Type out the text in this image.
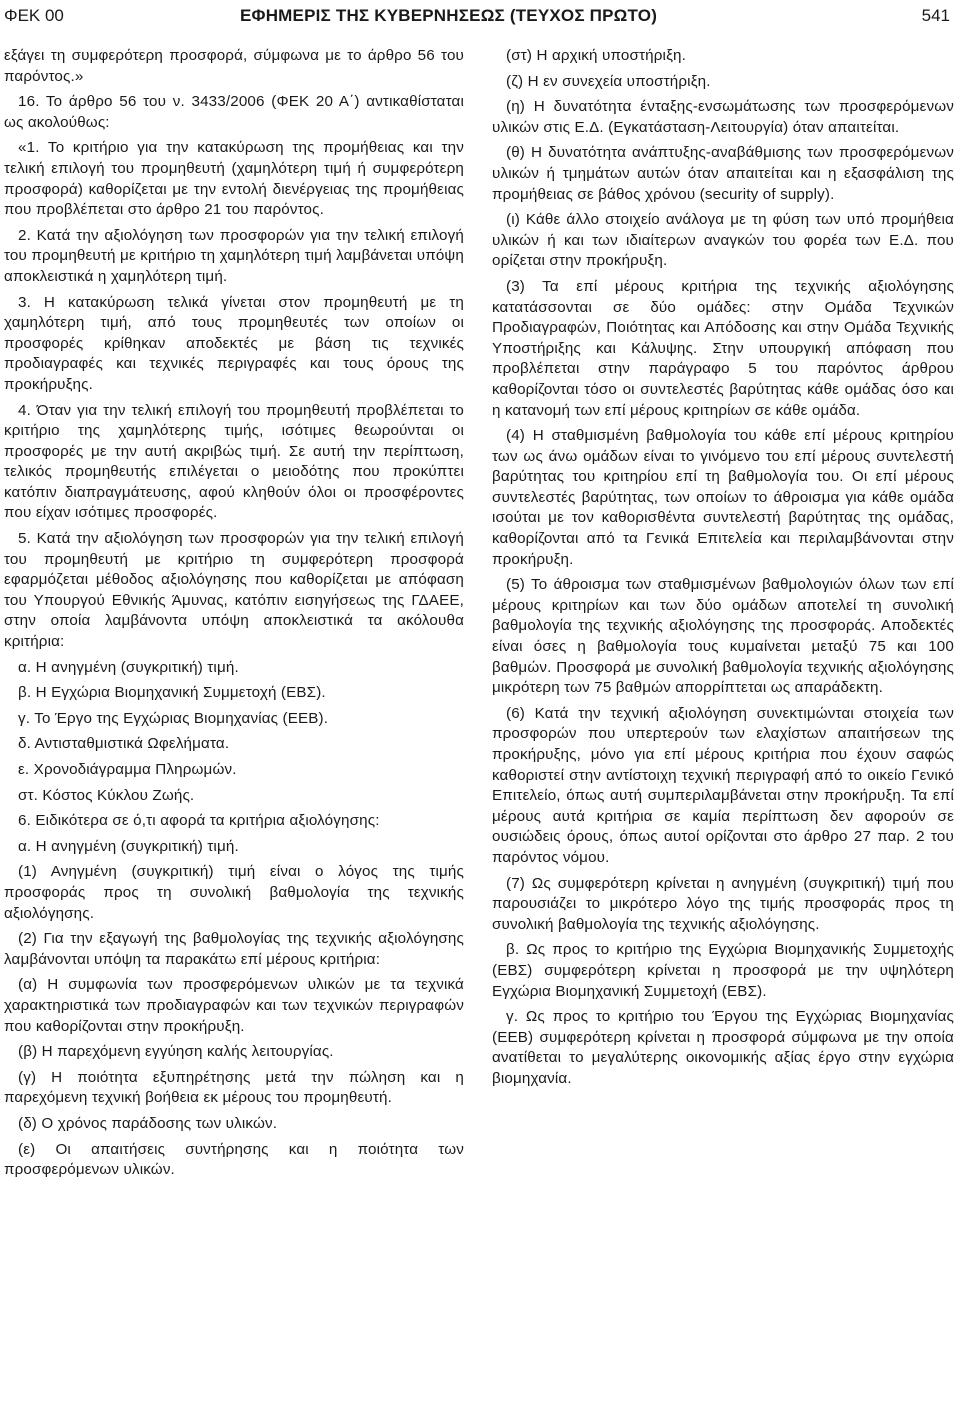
ΦΕΚ 00	ΕΦΗΜΕΡΙΣ ΤΗΣ ΚΥΒΕΡΝΗΣΕΩΣ (ΤΕΥΧΟΣ ΠΡΩΤΟ)	541

εξάγει τη συμφερότερη προσφορά, σύμφωνα με το άρθρο 56 του παρόντος.»

16. Το άρθρο 56 του ν. 3433/2006 (ΦΕΚ 20 Α΄) αντικαθίσταται ως ακολούθως:

«1. Το κριτήριο για την κατακύρωση της προμήθειας και την τελική επιλογή του προμηθευτή (χαμηλότερη τιμή ή συμφερότερη προσφορά) καθορίζεται με την εντολή διενέργειας της προμήθειας που προβλέπεται στο άρθρο 21 του παρόντος.

2. Κατά την αξιολόγηση των προσφορών για την τελική επιλογή του προμηθευτή με κριτήριο τη χαμηλότερη τιμή λαμβάνεται υπόψη αποκλειστικά η χαμηλότερη τιμή.

3. Η κατακύρωση τελικά γίνεται στον προμηθευτή με τη χαμηλότερη τιμή, από τους προμηθευτές των οποίων οι προσφορές κρίθηκαν αποδεκτές με βάση τις τεχνικές προδιαγραφές και τεχνικές περιγραφές και τους όρους της προκήρυξης.

4. Όταν για την τελική επιλογή του προμηθευτή προβλέπεται το κριτήριο της χαμηλότερης τιμής, ισότιμες θεωρούνται οι προσφορές με την αυτή ακριβώς τιμή. Σε αυτή την περίπτωση, τελικός προμηθευτής επιλέγεται ο μειοδότης που προκύπτει κατόπιν διαπραγμάτευσης, αφού κληθούν όλοι οι προσφέροντες που είχαν ισότιμες προσφορές.

5. Κατά την αξιολόγηση των προσφορών για την τελική επιλογή του προμηθευτή με κριτήριο τη συμφερότερη προσφορά εφαρμόζεται μέθοδος αξιολόγησης που καθορίζεται με απόφαση του Υπουργού Εθνικής Άμυνας, κατόπιν εισηγήσεως της ΓΔΑΕΕ, στην οποία λαμβάνοντα υπόψη αποκλειστικά τα ακόλουθα κριτήρια:

α. Η ανηγμένη (συγκριτική) τιμή.

β. Η Εγχώρια Βιομηχανική Συμμετοχή (ΕΒΣ).

γ. Το Έργο της Εγχώριας Βιομηχανίας (ΕΕΒ).

δ. Αντισταθμιστικά Ωφελήματα.

ε. Χρονοδιάγραμμα Πληρωμών.

στ. Κόστος Κύκλου Ζωής.

6. Ειδικότερα σε ό,τι αφορά τα κριτήρια αξιολόγησης:

α. Η ανηγμένη (συγκριτική) τιμή.

(1) Ανηγμένη (συγκριτική) τιμή είναι ο λόγος της τιμής προσφοράς προς τη συνολική βαθμολογία της τεχνικής αξιολόγησης.

(2) Για την εξαγωγή της βαθμολογίας της τεχνικής αξιολόγησης λαμβάνονται υπόψη τα παρακάτω επί μέρους κριτήρια:

(α) Η συμφωνία των προσφερόμενων υλικών με τα τεχνικά χαρακτηριστικά των προδιαγραφών και των τεχνικών περιγραφών που καθορίζονται στην προκήρυξη.

(β) Η παρεχόμενη εγγύηση καλής λειτουργίας.

(γ) Η ποιότητα εξυπηρέτησης μετά την πώληση και η παρεχόμενη τεχνική βοήθεια εκ μέρους του προμηθευτή.

(δ) Ο χρόνος παράδοσης των υλικών.

(ε) Οι απαιτήσεις συντήρησης και η ποιότητα των προσφερόμενων υλικών.

(στ) Η αρχική υποστήριξη.

(ζ) Η εν συνεχεία υποστήριξη.

(η) Η δυνατότητα ένταξης-ενσωμάτωσης των προσφερόμενων υλικών στις Ε.Δ. (Εγκατάσταση-Λειτουργία) όταν απαιτείται.

(θ) Η δυνατότητα ανάπτυξης-αναβάθμισης των προσφερόμενων υλικών ή τμημάτων αυτών όταν απαιτείται και η εξασφάλιση της προμήθειας σε βάθος χρόνου (security of supply).

(ι) Κάθε άλλο στοιχείο ανάλογα με τη φύση των υπό προμήθεια υλικών ή και των ιδιαίτερων αναγκών του φορέα των Ε.Δ. που ορίζεται στην προκήρυξη.

(3) Τα επί μέρους κριτήρια της τεχνικής αξιολόγησης κατατάσσονται σε δύο ομάδες: στην Ομάδα Τεχνικών Προδιαγραφών, Ποιότητας και Απόδοσης και στην Ομάδα Τεχνικής Υποστήριξης και Κάλυψης. Στην υπουργική απόφαση που προβλέπεται στην παράγραφο 5 του παρόντος άρθρου καθορίζονται τόσο οι συντελεστές βαρύτητας κάθε ομάδας όσο και η κατανομή των επί μέρους κριτηρίων σε κάθε ομάδα.

(4) Η σταθμισμένη βαθμολογία του κάθε επί μέρους κριτηρίου των ως άνω ομάδων είναι το γινόμενο του επί μέρους συντελεστή βαρύτητας του κριτηρίου επί τη βαθμολογία του. Οι επί μέρους συντελεστές βαρύτητας, των οποίων το άθροισμα για κάθε ομάδα ισούται με τον καθορισθέντα συντελεστή βαρύτητας της ομάδας, καθορίζονται από τα Γενικά Επιτελεία και περιλαμβάνονται στην προκήρυξη.

(5) Το άθροισμα των σταθμισμένων βαθμολογιών όλων των επί μέρους κριτηρίων και των δύο ομάδων αποτελεί τη συνολική βαθμολογία της τεχνικής αξιολόγησης της προσφοράς. Αποδεκτές είναι όσες η βαθμολογία τους κυμαίνεται μεταξύ 75 και 100 βαθμών. Προσφορά με συνολική βαθμολογία τεχνικής αξιολόγησης μικρότερη των 75 βαθμών απορρίπτεται ως απαράδεκτη.

(6) Κατά την τεχνική αξιολόγηση συνεκτιμώνται στοιχεία των προσφορών που υπερτερούν των ελαχίστων απαιτήσεων της προκήρυξης, μόνο για επί μέρους κριτήρια που έχουν σαφώς καθοριστεί στην αντίστοιχη τεχνική περιγραφή από το οικείο Γενικό Επιτελείο, όπως αυτή συμπεριλαμβάνεται στην προκήρυξη. Τα επί μέρους αυτά κριτήρια σε καμία περίπτωση δεν αφορούν σε ουσιώδεις όρους, όπως αυτοί ορίζονται στο άρθρο 27 παρ. 2 του παρόντος νόμου.

(7) Ως συμφερότερη κρίνεται η ανηγμένη (συγκριτική) τιμή που παρουσιάζει το μικρότερο λόγο της τιμής προσφοράς προς τη συνολική βαθμολογία της τεχνικής αξιολόγησης.

β. Ως προς το κριτήριο της Εγχώρια Βιομηχανικής Συμμετοχής (ΕΒΣ) συμφερότερη κρίνεται η προσφορά με την υψηλότερη Εγχώρια Βιομηχανική Συμμετοχή (ΕΒΣ).

γ. Ως προς το κριτήριο του Έργου της Εγχώριας Βιομηχανίας (ΕΕΒ) συμφερότερη κρίνεται η προσφορά σύμφωνα με την οποία ανατίθεται το μεγαλύτερης οικονομικής αξίας έργο στην εγχώρια βιομηχανία.
